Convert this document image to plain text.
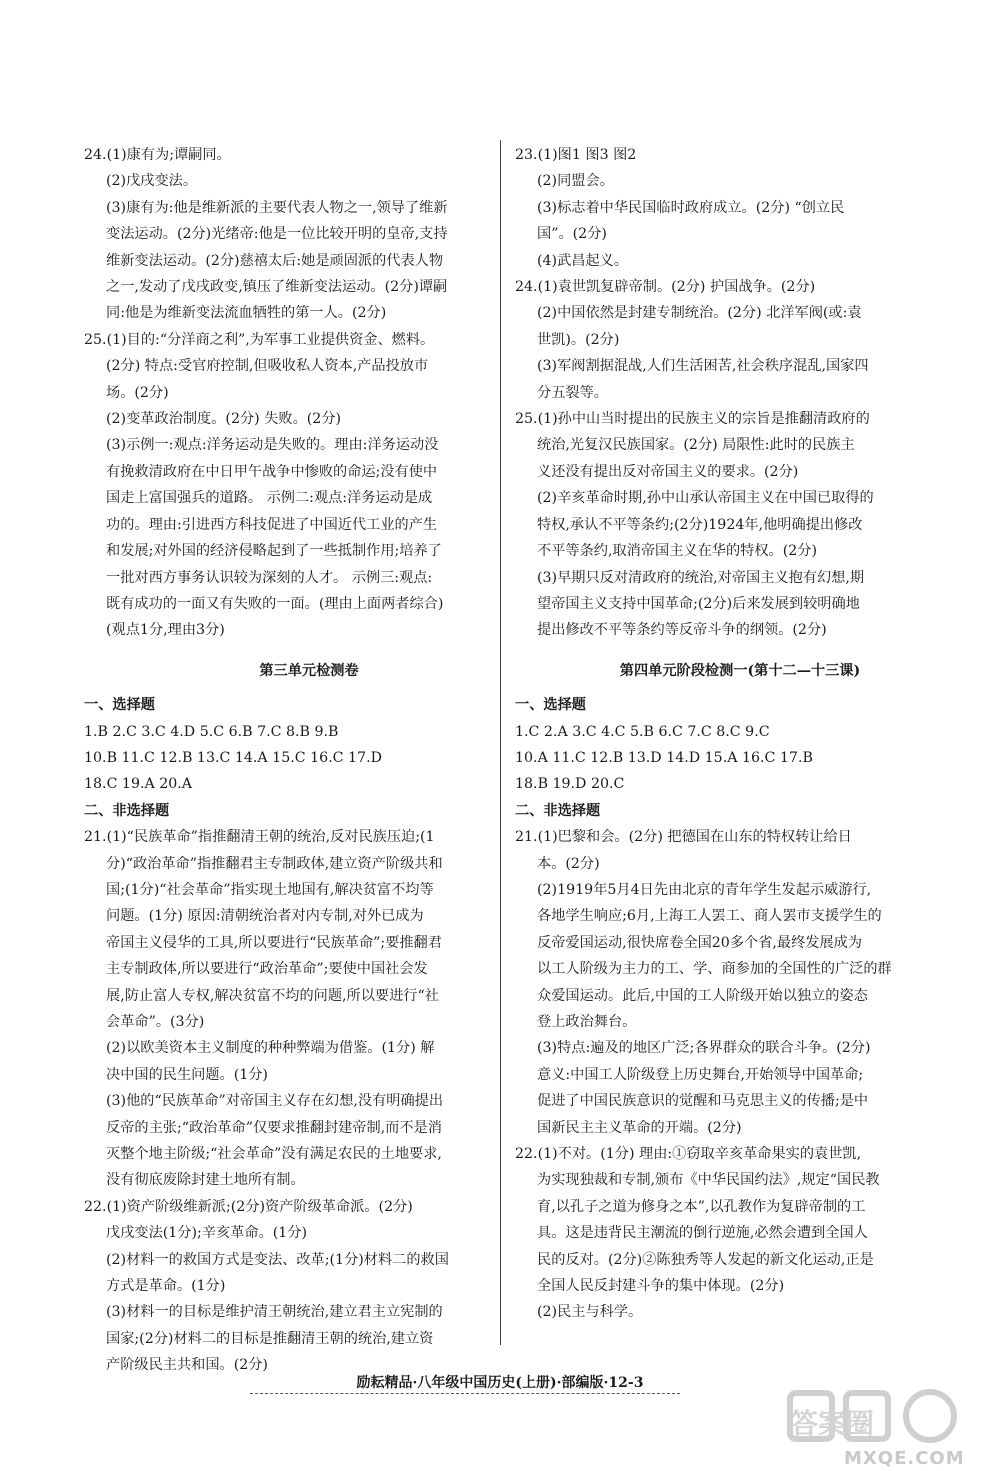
24.(1)康有为;谭嗣同。
(2)戊戌变法。
(3)康有为:他是维新派的主要代表人物之一,领导了维新
变法运动。(2分)光绪帝:他是一位比较开明的皇帝,支持
维新变法运动。(2分)慈禧太后:她是顽固派的代表人物
之一,发动了戊戌政变,镇压了维新变法运动。(2分)谭嗣
同:他是为维新变法流血牺牲的第一人。(2分)
25.(1)目的:“分洋商之利”,为军事工业提供资金、燃料。
(2分) 特点:受官府控制,但吸收私人资本,产品投放市
场。(2分)
(2)变革政治制度。(2分) 失败。(2分)
(3)示例一:观点:洋务运动是失败的。理由:洋务运动没
有挽救清政府在中日甲午战争中惨败的命运;没有使中
国走上富国强兵的道路。 示例二:观点:洋务运动是成
功的。理由:引进西方科技促进了中国近代工业的产生
和发展;对外国的经济侵略起到了一些抵制作用;培养了
一批对西方事务认识较为深刻的人才。 示例三:观点:
既有成功的一面又有失败的一面。(理由上面两者综合)
(观点1分,理由3分)
第三单元检测卷
一、选择题
1.B 2.C 3.C 4.D 5.C 6.B 7.C 8.B 9.B
10.B 11.C 12.B 13.C 14.A 15.C 16.C 17.D
18.C 19.A 20.A
二、非选择题
21.(1)“民族革命”指推翻清王朝的统治,反对民族压迫;(1
分)“政治革命”指推翻君主专制政体,建立资产阶级共和
国;(1分)“社会革命”指实现土地国有,解决贫富不均等
问题。(1分) 原因:清朝统治者对内专制,对外已成为
帝国主义侵华的工具,所以要进行“民族革命”;要推翻君
主专制政体,所以要进行“政治革命”;要使中国社会发
展,防止富人专权,解决贫富不均的问题,所以要进行“社
会革命”。(3分)
(2)以欧美资本主义制度的种种弊端为借鉴。(1分) 解
决中国的民生问题。(1分)
(3)他的“民族革命”对帝国主义存在幻想,没有明确提出
反帝的主张;“政治革命”仅要求推翻封建帝制,而不是消
灭整个地主阶级;“社会革命”没有满足农民的土地要求,
没有彻底废除封建土地所有制。
22.(1)资产阶级维新派;(2分)资产阶级革命派。(2分)
戊戌变法(1分);辛亥革命。(1分)
(2)材料一的救国方式是变法、改革;(1分)材料二的救国
方式是革命。(1分)
(3)材料一的目标是维护清王朝统治,建立君主立宪制的
国家;(2分)材料二的目标是推翻清王朝的统治,建立资
产阶级民主共和国。(2分)
23.(1)图1 图3 图2
(2)同盟会。
(3)标志着中华民国临时政府成立。(2分) “创立民
国”。(2分)
(4)武昌起义。
24.(1)袁世凯复辟帝制。(2分) 护国战争。(2分)
(2)中国依然是封建专制统治。(2分) 北洋军阀(或:袁
世凯)。(2分)
(3)军阀割据混战,人们生活困苦,社会秩序混乱,国家四
分五裂等。
25.(1)孙中山当时提出的民族主义的宗旨是推翻清政府的
统治,光复汉民族国家。(2分) 局限性:此时的民族主
义还没有提出反对帝国主义的要求。(2分)
(2)辛亥革命时期,孙中山承认帝国主义在中国已取得的
特权,承认不平等条约;(2分)1924年,他明确提出修改
不平等条约,取消帝国主义在华的特权。(2分)
(3)早期只反对清政府的统治,对帝国主义抱有幻想,期
望帝国主义支持中国革命;(2分)后来发展到较明确地
提出修改不平等条约等反帝斗争的纲领。(2分)
第四单元阶段检测一(第十二—十三课)
一、选择题
1.C 2.A 3.C 4.C 5.B 6.C 7.C 8.C 9.C
10.A 11.C 12.B 13.D 14.D 15.A 16.C 17.B
18.B 19.D 20.C
二、非选择题
21.(1)巴黎和会。(2分) 把德国在山东的特权转让给日
本。(2分)
(2)1919年5月4日先由北京的青年学生发起示威游行,
各地学生响应;6月,上海工人罢工、商人罢市支援学生的
反帝爱国运动,很快席卷全国20多个省,最终发展成为
以工人阶级为主力的工、学、商参加的全国性的广泛的群
众爱国运动。此后,中国的工人阶级开始以独立的姿态
登上政治舞台。
(3)特点:遍及的地区广泛;各界群众的联合斗争。(2分)
意义:中国工人阶级登上历史舞台,开始领导中国革命;
促进了中国民族意识的觉醒和马克思主义的传播;是中
国新民主主义革命的开端。(2分)
22.(1)不对。(1分) 理由:①窃取辛亥革命果实的袁世凯,
为实现独裁和专制,颁布《中华民国约法》,规定“国民教
育,以孔子之道为修身之本”,以孔教作为复辟帝制的工
具。这是违背民主潮流的倒行逆施,必然会遭到全国人
民的反对。(2分)②陈独秀等人发起的新文化运动,正是
全国人民反封建斗争的集中体现。(2分)
(2)民主与科学。
励耘精品·八年级中国历史(上册)·部编版·12-3
答案圈
MXQE.COM
